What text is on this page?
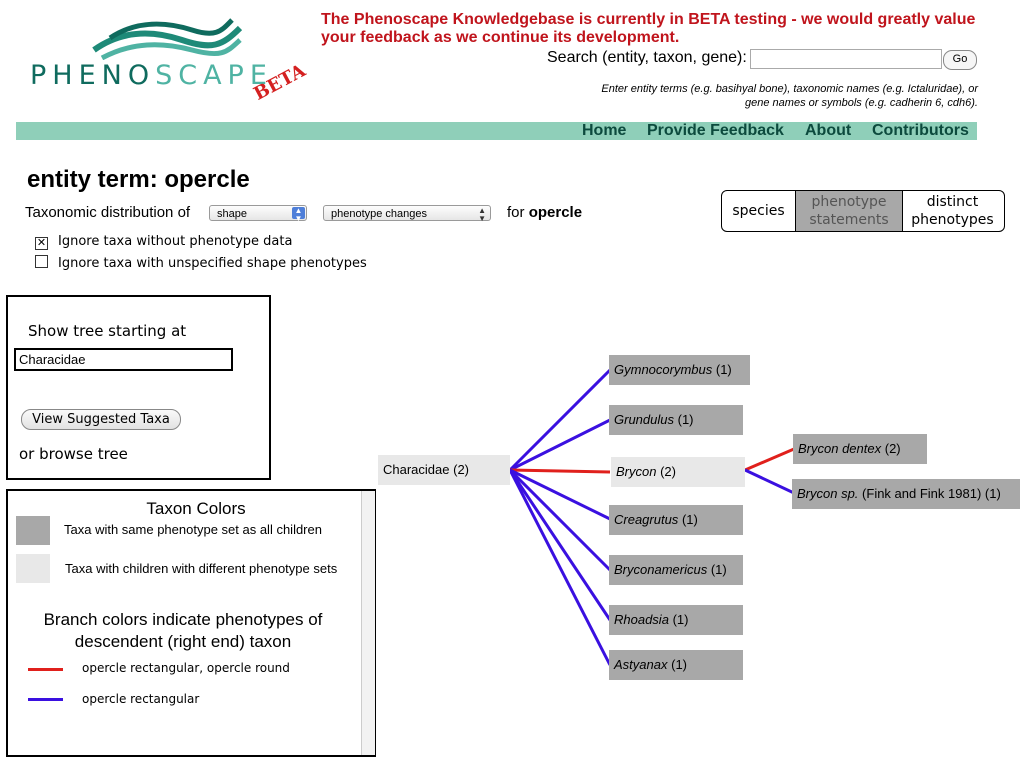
PHENOSCAPE
BETA
The Phenoscape Knowledgebase is currently in BETA testing - we would greatly value your feedback as we continue its development.
Search (entity, taxon, gene):	Go
Enter entity terms (e.g. basihyal bone), taxonomic names (e.g. Ictaluridae), or gene names or symbols (e.g. cadherin 6, cdh6).
Home Provide Feedback About Contributors
entity term: opercle
Taxonomic distribution of	shape	▲
▼	phenotype changes	▲
▼ for opercle
✕ Ignore taxa without phenotype data
Ignore taxa with unspecified shape phenotypes
species
phenotype statements
distinct phenotypes
Show tree starting at
Characidae
View Suggested Taxa
or browse tree
Taxon Colors
Taxa with same phenotype set as all children
Taxa with children with different phenotype sets
Branch colors indicate phenotypes of descendent (right end) taxon
opercle rectangular, opercle round
opercle rectangular
Characidae (2)
Gymnocorymbus (1)
Grundulus (1)
Brycon (2)
Creagrutus (1)
Bryconamericus (1)
Rhoadsia (1)
Astyanax (1)
Brycon dentex (2)
Brycon sp. (Fink and Fink 1981) (1)
